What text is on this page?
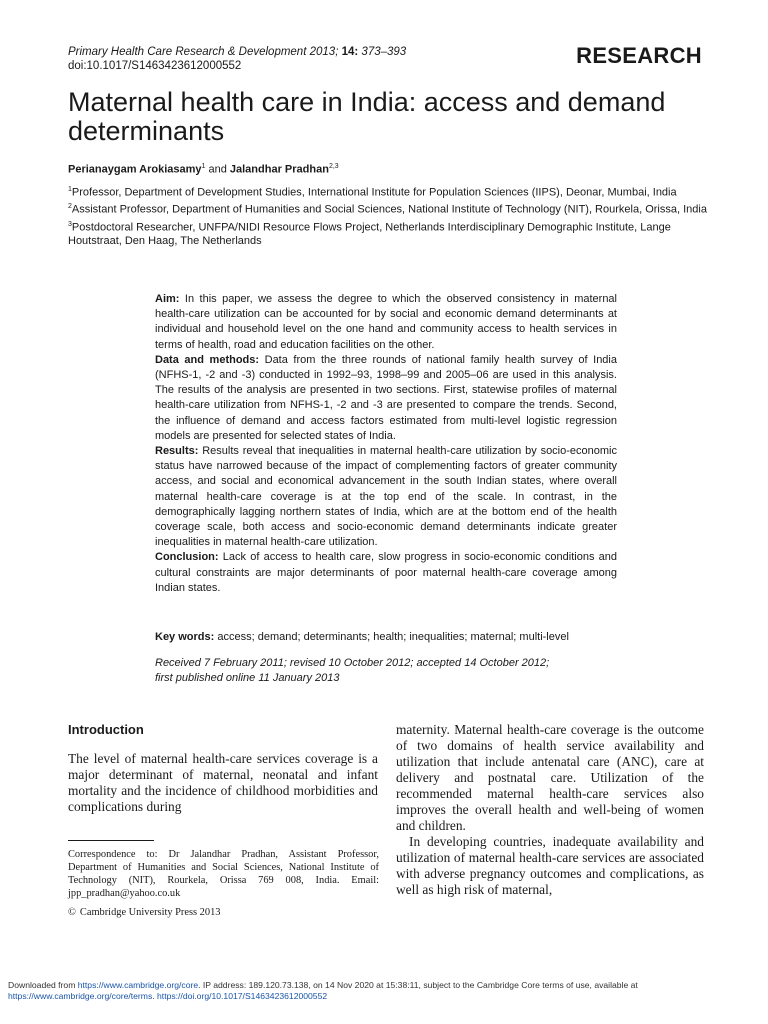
Primary Health Care Research & Development 2013; 14: 373–393
doi:10.1017/S1463423612000552	RESEARCH
Maternal health care in India: access and demand determinants
Perianaygam Arokiasamy$^1$ and Jalandhar Pradhan$^{2,3}$
$^1$Professor, Department of Development Studies, International Institute for Population Sciences (IIPS), Deonar, Mumbai, India
$^2$Assistant Professor, Department of Humanities and Social Sciences, National Institute of Technology (NIT), Rourkela, Orissa, India
$^3$Postdoctoral Researcher, UNFPA/NIDI Resource Flows Project, Netherlands Interdisciplinary Demographic Institute, Lange Houtstraat, Den Haag, The Netherlands

Aim: In this paper, we assess the degree to which the observed consistency in maternal health-care utilization can be accounted for by social and economic demand determinants at individual and household level on the one hand and community access to health services in terms of health, road and education facilities on the other.

Data and methods: Data from the three rounds of national family health survey of India (NFHS-1, -2 and -3) conducted in 1992–93, 1998–99 and 2005–06 are used in this analysis. The results of the analysis are presented in two sections. First, statewise profiles of maternal health-care utilization from NFHS-1, -2 and -3 are presented to compare the trends. Second, the influence of demand and access factors estimated from multi-level logistic regression models are presented for selected states of India.

Results: Results reveal that inequalities in maternal health-care utilization by socio-economic status have narrowed because of the impact of complementing factors of greater community access, and social and economical advancement in the south Indian states, where overall maternal health-care coverage is at the top end of the scale. In contrast, in the demographically lagging northern states of India, which are at the bottom end of the health coverage scale, both access and socio-economic demand determinants indicate greater inequalities in maternal health-care utilization.

Conclusion: Lack of access to health care, slow progress in socio-economic conditions and cultural constraints are major determinants of poor maternal health-care coverage among Indian states.

Key words: access; demand; determinants; health; inequalities; maternal; multi-level
Received 7 February 2011; revised 10 October 2012; accepted 14 October 2012;
first published online 11 January 2013
Introduction

The level of maternal health-care services coverage is a major determinant of maternal, neonatal and infant mortality and the incidence of childhood morbidities and complications during

Correspondence to: Dr Jalandhar Pradhan, Assistant Professor, Department of Humanities and Social Sciences, National Institute of Technology (NIT), Rourkela, Orissa 769 008, India. Email: jpp_pradhan@yahoo.co.uk
© Cambridge University Press 2013

maternity. Maternal health-care coverage is the outcome of two domains of health service availability and utilization that include antenatal care (ANC), care at delivery and postnatal care. Utilization of the recommended maternal health-care services also improves the overall health and well-being of women and children.

In developing countries, inadequate availability and utilization of maternal health-care services are associated with adverse pregnancy outcomes and complications, as well as high risk of maternal,

Downloaded from https://www.cambridge.org/core. IP address: 189.120.73.138, on 14 Nov 2020 at 15:38:11, subject to the Cambridge Core terms of use, available at
https://www.cambridge.org/core/terms. https://doi.org/10.1017/S1463423612000552
